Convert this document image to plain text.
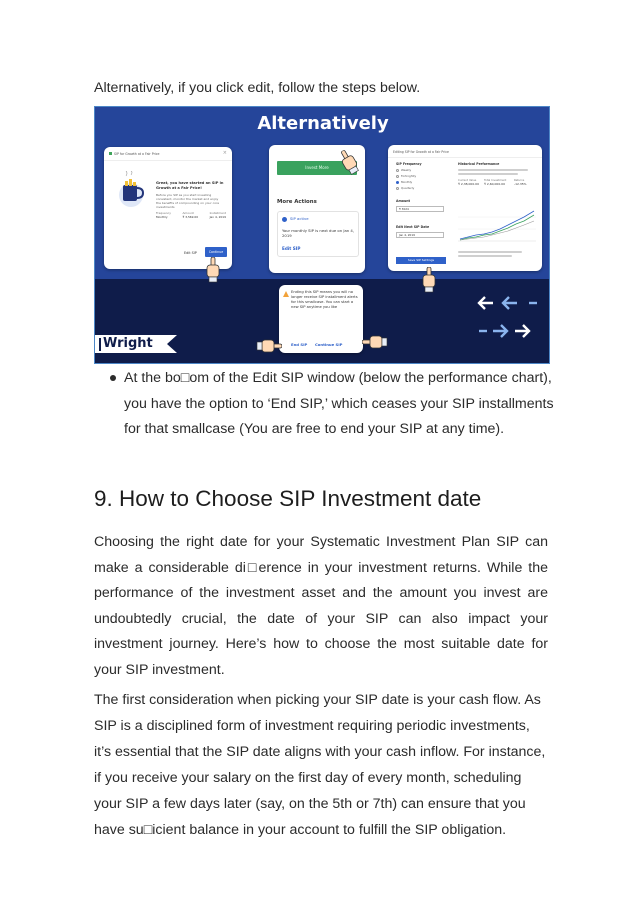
Alternatively, if you click edit, follow the steps below.

Alternatively
SIP for Growth at a Fair Price	×
Great, you have started an SIP in Growth at a Fair Price!
Before you SIP as you start investing consistent, monitor the market and enjoy the benefits of compounding on your core investments
Frequency
Monthly
Amount
₹ 3,569.00
Installment
Jan 4, 2019
Edit SIP	Continue
Invest More
More Actions
SIP active
Your monthly SIP is next due on Jan 4, 2019
Edit SIP
Editing SIP for Growth at a Fair Price
SIP Frequency
Weekly
Fortnightly
Monthly
Quarterly
Amount
₹ 3024
Edit Next SIP Date
Jan 4, 2019
Save SIP Settings
Historical Performance
Current Value
₹ 2,38,000.00
Total Investment
₹ 2,60,000.00
Returns
-12.35%
Ending this SIP means you will no longer receive SIP installment alerts for this smallcase. You can start a new SIP anytime you like
End SIP Continue SIP
Wright
At the bo□om of the Edit SIP window (below the performance chart), you have the option to ‘End SIP,’ which ceases your SIP installments for that smallcase (You are free to end your SIP at any time).
9. How to Choose SIP Investment date

Choosing the right date for your Systematic Investment Plan SIP can make a considerable di□erence in your investment returns. While the performance of the investment asset and the amount you invest are undoubtedly crucial, the date of your SIP can also impact your investment journey. Here’s how to choose the most suitable date for your SIP investment.

The first consideration when picking your SIP date is your cash flow. As
SIP is a disciplined form of investment requiring periodic investments,
it’s essential that the SIP date aligns with your cash inflow. For instance,
if you receive your salary on the first day of every month, scheduling
your SIP a few days later (say, on the 5th or 7th) can ensure that you
have su□icient balance in your account to fulfill the SIP obligation.
